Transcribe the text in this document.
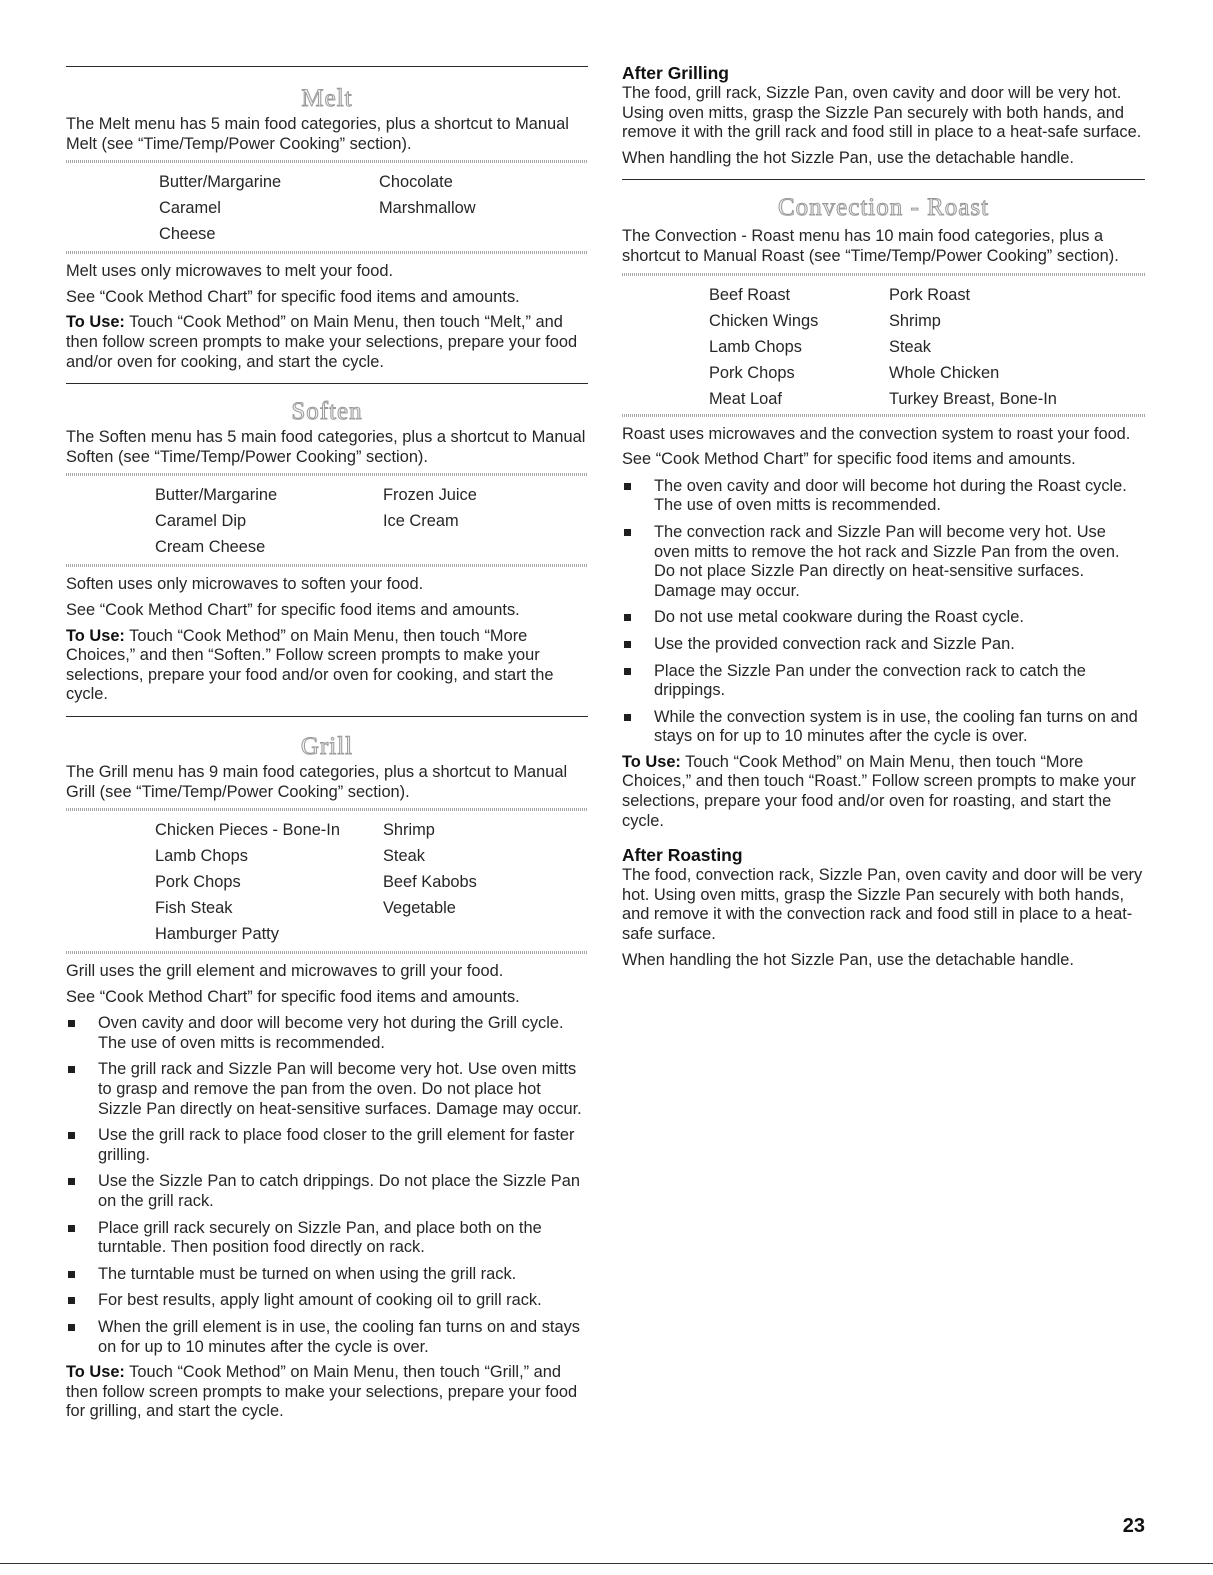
Melt

The Melt menu has 5 main food categories, plus a shortcut to Manual Melt (see “Time/Temp/Power Cooking” section).

Butter/Margarine	Chocolate
Caramel	Marshmallow
Cheese

Melt uses only microwaves to melt your food.

See “Cook Method Chart” for specific food items and amounts.

To Use: Touch “Cook Method” on Main Menu, then touch “Melt,” and then follow screen prompts to make your selections, prepare your food and/or oven for cooking, and start the cycle.

Soften

The Soften menu has 5 main food categories, plus a shortcut to Manual Soften (see “Time/Temp/Power Cooking” section).

Butter/Margarine	Frozen Juice
Caramel Dip	Ice Cream
Cream Cheese

Soften uses only microwaves to soften your food.

See “Cook Method Chart” for specific food items and amounts.

To Use: Touch “Cook Method” on Main Menu, then touch “More Choices,” and then “Soften.” Follow screen prompts to make your selections, prepare your food and/or oven for cooking, and start the cycle.

Grill

The Grill menu has 9 main food categories, plus a shortcut to Manual Grill (see “Time/Temp/Power Cooking” section).

Chicken Pieces - Bone-In	Shrimp
Lamb Chops	Steak
Pork Chops	Beef Kabobs
Fish Steak	Vegetable
Hamburger Patty

Grill uses the grill element and microwaves to grill your food.

See “Cook Method Chart” for specific food items and amounts.

Oven cavity and door will become very hot during the Grill cycle. The use of oven mitts is recommended.
The grill rack and Sizzle Pan will become very hot. Use oven mitts to grasp and remove the pan from the oven. Do not place hot Sizzle Pan directly on heat-sensitive surfaces. Damage may occur.
Use the grill rack to place food closer to the grill element for faster grilling.
Use the Sizzle Pan to catch drippings. Do not place the Sizzle Pan on the grill rack.
Place grill rack securely on Sizzle Pan, and place both on the turntable. Then position food directly on rack.
The turntable must be turned on when using the grill rack.
For best results, apply light amount of cooking oil to grill rack.
When the grill element is in use, the cooling fan turns on and stays on for up to 10 minutes after the cycle is over.

To Use: Touch “Cook Method” on Main Menu, then touch “Grill,” and then follow screen prompts to make your selections, prepare your food for grilling, and start the cycle.

After Grilling

The food, grill rack, Sizzle Pan, oven cavity and door will be very hot. Using oven mitts, grasp the Sizzle Pan securely with both hands, and remove it with the grill rack and food still in place to a heat-safe surface.

When handling the hot Sizzle Pan, use the detachable handle.

Convection - Roast

The Convection - Roast menu has 10 main food categories, plus a shortcut to Manual Roast (see “Time/Temp/Power Cooking” section).

Beef Roast	Pork Roast
Chicken Wings	Shrimp
Lamb Chops	Steak
Pork Chops	Whole Chicken
Meat Loaf	Turkey Breast, Bone-In

Roast uses microwaves and the convection system to roast your food.

See “Cook Method Chart” for specific food items and amounts.

The oven cavity and door will become hot during the Roast cycle. The use of oven mitts is recommended.
The convection rack and Sizzle Pan will become very hot. Use oven mitts to remove the hot rack and Sizzle Pan from the oven. Do not place Sizzle Pan directly on heat-sensitive surfaces. Damage may occur.
Do not use metal cookware during the Roast cycle.
Use the provided convection rack and Sizzle Pan.
Place the Sizzle Pan under the convection rack to catch the drippings.
While the convection system is in use, the cooling fan turns on and stays on for up to 10 minutes after the cycle is over.

To Use: Touch “Cook Method” on Main Menu, then touch “More Choices,” and then touch “Roast.” Follow screen prompts to make your selections, prepare your food and/or oven for roasting, and start the cycle.

After Roasting

The food, convection rack, Sizzle Pan, oven cavity and door will be very hot. Using oven mitts, grasp the Sizzle Pan securely with both hands, and remove it with the convection rack and food still in place to a heat-safe surface.

When handling the hot Sizzle Pan, use the detachable handle.

23
